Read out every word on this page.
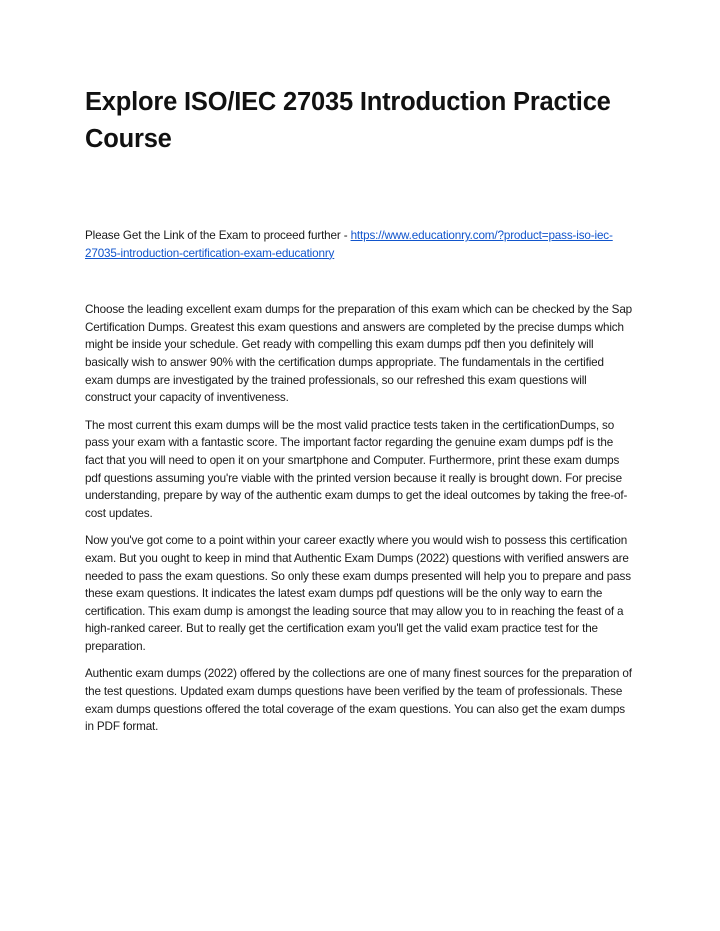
Explore ISO/IEC 27035 Introduction Practice Course
Please Get the Link of the Exam to proceed further - https://www.educationry.com/?product=pass-iso-iec-27035-introduction-certification-exam-educationry

Choose the leading excellent exam dumps for the preparation of this exam which can be checked by the Sap Certification Dumps. Greatest this exam questions and answers are completed by the precise dumps which might be inside your schedule. Get ready with compelling this exam dumps pdf then you definitely will basically wish to answer 90% with the certification dumps appropriate. The fundamentals in the certified exam dumps are investigated by the trained professionals, so our refreshed this exam questions will construct your capacity of inventiveness.

The most current this exam dumps will be the most valid practice tests taken in the certificationDumps, so pass your exam with a fantastic score. The important factor regarding the genuine exam dumps pdf is the fact that you will need to open it on your smartphone and Computer. Furthermore, print these exam dumps pdf questions assuming you're viable with the printed version because it really is brought down. For precise understanding, prepare by way of the authentic exam dumps to get the ideal outcomes by taking the free-of-cost updates.

Now you've got come to a point within your career exactly where you would wish to possess this certification exam. But you ought to keep in mind that Authentic Exam Dumps (2022) questions with verified answers are needed to pass the exam questions. So only these exam dumps presented will help you to prepare and pass these exam questions. It indicates the latest exam dumps pdf questions will be the only way to earn the certification. This exam dump is amongst the leading source that may allow you to in reaching the feast of a high-ranked career. But to really get the certification exam you'll get the valid exam practice test for the preparation.

Authentic exam dumps (2022) offered by the collections are one of many finest sources for the preparation of the test questions. Updated exam dumps questions have been verified by the team of professionals. These exam dumps questions offered the total coverage of the exam questions. You can also get the exam dumps in PDF format.
